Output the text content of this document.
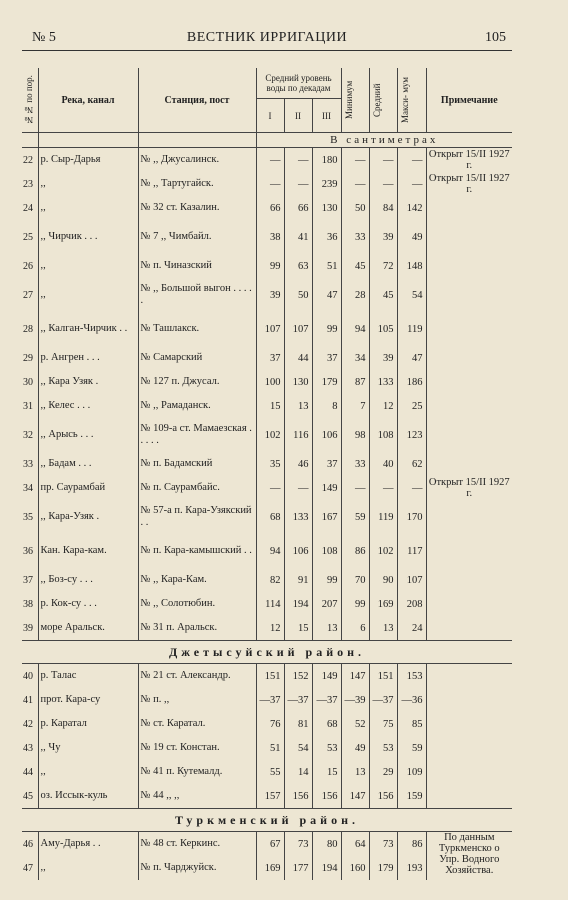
№ 5	ВЕСТНИК ИРРИГАЦИИ	105
№№ по пор.	Река, канал	Станция, пост	Средний уровень воды по декадам			Минимум	Средний	Макси- мум	Примечание
			I	II	III				
			В сантиметрах						
22	р. Сыр-Дарья	№ ,, Джусалинск.	—	—	180	—	—	—	Открыт 15/II 1927 г.
23	,,	№ ,, Тартугайск.	—	—	239	—	—	—	Открыт 15/II 1927 г.
24	,,	№ 32 ст. Казалин.	66	66	130	50	84	142	
25	,, Чирчик . . .	№ 7 ,, Чимбайл.	38	41	36	33	39	49	
26	,,	№ п. Чиназский	99	63	51	45	72	148	
27	,,	№ ,, Большой выгон . . . . .	39	50	47	28	45	54	
28	,, Калган-Чирчик . .	№ Ташлакск.	107	107	99	94	105	119	
29	р. Ангрен . . .	№ Самарский	37	44	37	34	39	47	
30	,, Кара Узяк .	№ 127 п. Джусал.	100	130	179	87	133	186	
31	,, Келес . . .	№ ,, Рамаданск.	15	13	8	7	12	25	
32	,, Арысь . . .	№ 109-а ст. Мамаезская . . . . .	102	116	106	98	108	123	
33	,, Бадам . . .	№ п. Бадамский	35	46	37	33	40	62	
34	пр. Саурамбай	№ п. Саурамбайс.	—	—	149	—	—	—	Открыт 15/II 1927 г.
35	,, Кара-Узяк .	№ 57-а п. Кара-Узякский . .	68	133	167	59	119	170	
36	Кан. Кара-кам.	№ п. Кара-камышский . .	94	106	108	86	102	117	
37	,, Боз-су . . .	№ ,, Кара-Кам.	82	91	99	70	90	107	
38	р. Кок-су . . .	№ ,, Солотюбин.	114	194	207	99	169	208	
39	море Аральск.	№ 31 п. Аральск.	12	15	13	6	13	24	
Джетысуйский район.									
40	р. Талас	№ 21 ст. Александр.	151	152	149	147	151	153	
41	прот. Кара-су	№ п. ,,	—37	—37	—37	—39	—37	—36	
42	р. Каратал	№ ст. Каратал.	76	81	68	52	75	85	
43	,, Чу	№ 19 ст. Констан.	51	54	53	49	53	59	
44	,,	№ 41 п. Кутемалд.	55	14	15	13	29	109	
45	оз. Иссык-куль	№ 44 ,, ,,	157	156	156	147	156	159	
Туркменский район.									
46	Аму-Дарья . .	№ 48 ст. Керкинс.	67	73	80	64	73	86	По данным Туркменско о Упр. Водного Хозяйства.
47	,,	№ п. Чарджуйск.	169	177	194	160	179	193	
